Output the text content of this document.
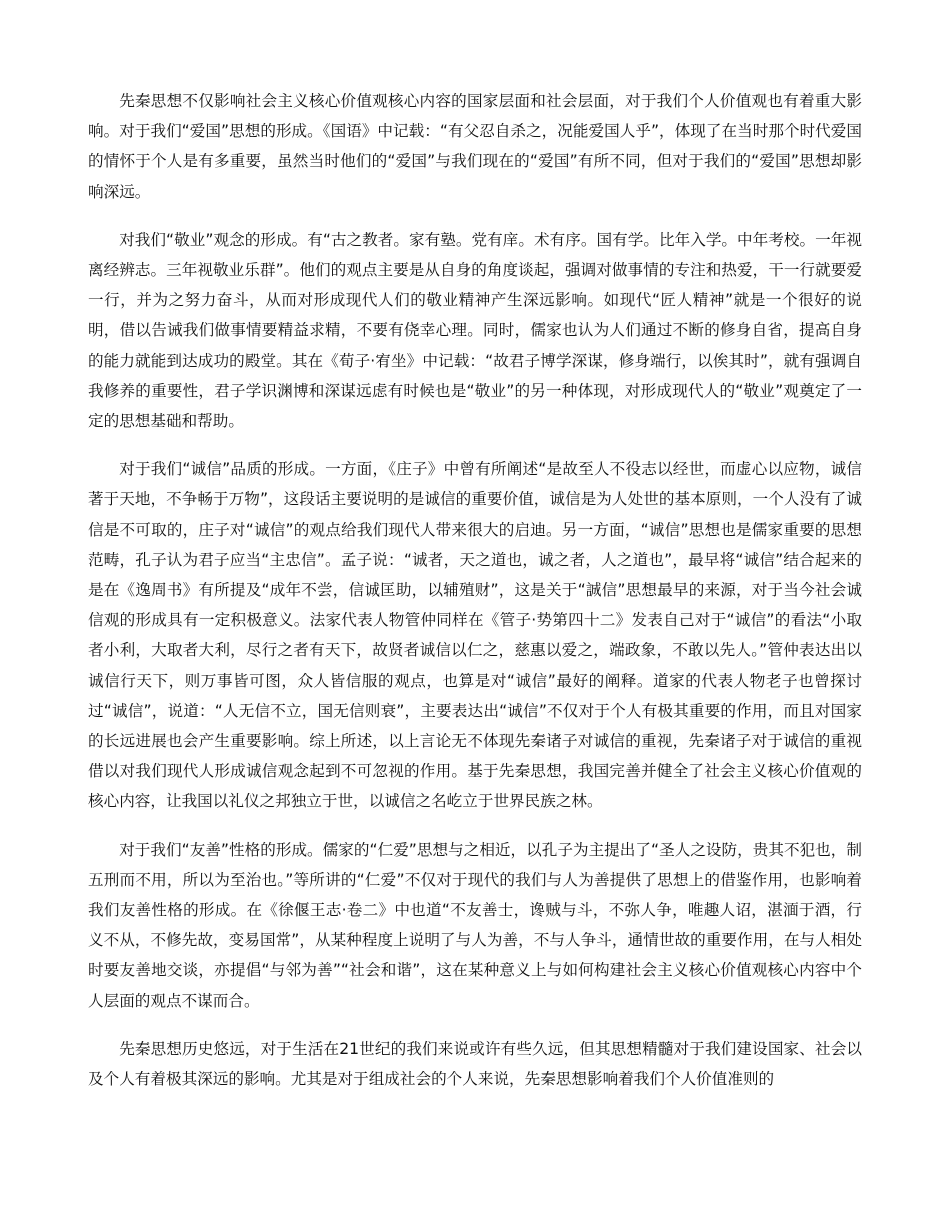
先秦思想不仅影响社会主义核心价值观核心内容的国家层面和社会层面，对于我们个人价值观也有着重大影响。对于我们“爱国”思想的形成。《国语》中记载：“有父忍自杀之，况能爱国人乎”，体现了在当时那个时代爱国的情怀于个人是有多重要，虽然当时他们的“爱国”与我们现在的“爱国”有所不同，但对于我们的“爱国”思想却影响深远。

对我们“敬业”观念的形成。有“古之教者。家有塾。党有庠。术有序。国有学。比年入学。中年考校。一年视离经辨志。三年视敬业乐群”。他们的观点主要是从自身的角度谈起，强调对做事情的专注和热爱，干一行就要爱一行，并为之努力奋斗，从而对形成现代人们的敬业精神产生深远影响。如现代“匠人精神”就是一个很好的说明，借以告诫我们做事情要精益求精，不要有侥幸心理。同时，儒家也认为人们通过不断的修身自省，提高自身的能力就能到达成功的殿堂。其在《荀子·宥坐》中记载：“故君子博学深谋，修身端行，以俟其时”，就有强调自我修养的重要性，君子学识渊博和深谋远虑有时候也是“敬业”的另一种体现，对形成现代人的“敬业”观奠定了一定的思想基础和帮助。

对于我们“诚信”品质的形成。一方面，《庄子》中曾有所阐述“是故至人不役志以经世，而虚心以应物，诚信著于天地，不争畅于万物”，这段话主要说明的是诚信的重要价值，诚信是为人处世的基本原则，一个人没有了诚信是不可取的，庄子对“诚信”的观点给我们现代人带来很大的启迪。另一方面，“诚信”思想也是儒家重要的思想范畴，孔子认为君子应当“主忠信”。孟子说：“诚者，天之道也，诚之者，人之道也”，最早将“诚信”结合起来的是在《逸周书》有所提及“成年不尝，信诚匡助，以辅殖财”，这是关于“誠信”思想最早的来源，对于当今社会诚信观的形成具有一定积极意义。法家代表人物管仲同样在《管子·势第四十二》发表自己对于“诚信”的看法“小取者小利，大取者大利，尽行之者有天下，故贤者诚信以仁之，慈惠以爱之，端政象，不敢以先人。”管仲表达出以诚信行天下，则万事皆可图，众人皆信服的观点，也算是对“诚信”最好的阐释。道家的代表人物老子也曾探讨过“诚信”，说道：“人无信不立，国无信则衰”，主要表达出“诚信”不仅对于个人有极其重要的作用，而且对国家的长远进展也会产生重要影响。综上所述，以上言论无不体现先秦诸子对诚信的重视，先秦诸子对于诚信的重视借以对我们现代人形成诚信观念起到不可忽视的作用。基于先秦思想，我国完善并健全了社会主义核心价值观的核心内容，让我国以礼仪之邦独立于世，以诚信之名屹立于世界民族之林。

对于我们“友善”性格的形成。儒家的“仁爱”思想与之相近，以孔子为主提出了“圣人之设防，贵其不犯也，制五刑而不用，所以为至治也。”等所讲的“仁爱”不仅对于现代的我们与人为善提供了思想上的借鉴作用，也影响着我们友善性格的形成。在《徐偃王志·卷二》中也道“不友善士，谗贼与斗，不弥人争，唯趣人诏，湛湎于酒，行义不从，不修先故，变易国常”，从某种程度上说明了与人为善，不与人争斗，通情世故的重要作用，在与人相处时要友善地交谈，亦提倡“与邻为善”“社会和谐”，这在某种意义上与如何构建社会主义核心价值观核心内容中个人层面的观点不谋而合。

先秦思想历史悠远，对于生活在21世纪的我们来说或许有些久远，但其思想精髓对于我们建设国家、社会以及个人有着极其深远的影响。尤其是对于组成社会的个人来说，先秦思想影响着我们个人价值准则的
